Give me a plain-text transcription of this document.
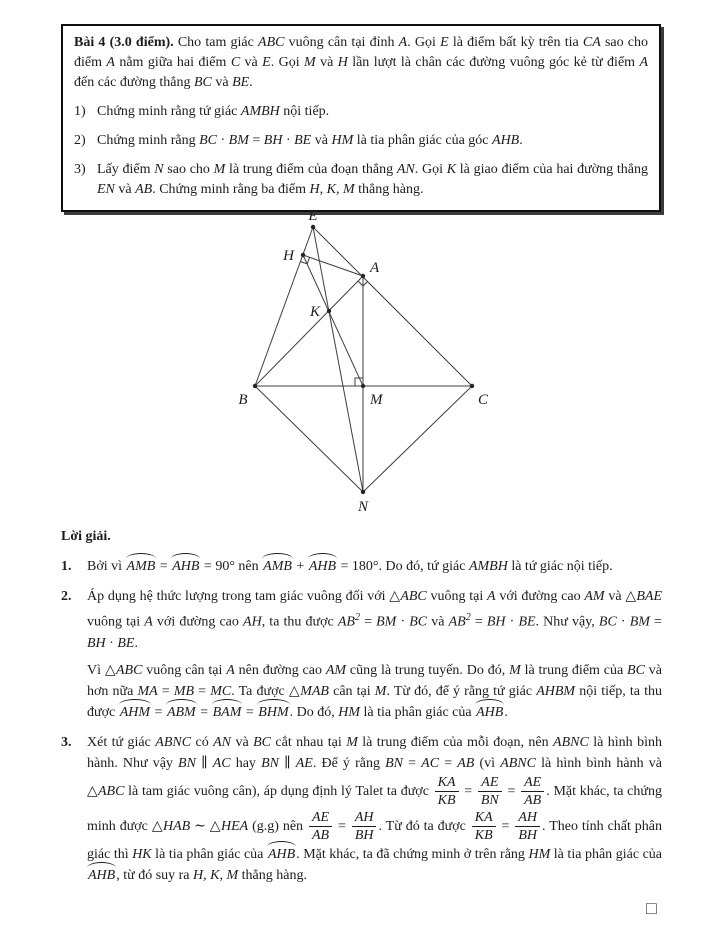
Bài 4 (3.0 điểm). Cho tam giác ABC vuông cân tại đỉnh A. Gọi E là điểm bất kỳ trên tia CA sao cho điểm A nằm giữa hai điểm C và E. Gọi M và H lần lượt là chân các đường vuông góc kẻ từ điểm A đến các đường thẳng BC và BE.

1) Chứng minh rằng tứ giác AMBH nội tiếp.
2) Chứng minh rằng BC · BM = BH · BE và HM là tia phân giác của góc AHB.
3) Lấy điểm N sao cho M là trung điểm của đoạn thẳng AN. Gọi K là giao điểm của hai đường thẳng EN và AB. Chứng minh rằng ba điểm H, K, M thẳng hàng.
E
H
A
K
B	M	C
N

Lời giải.

1.	Bởi vì AMB = AHB = 90° nên AMB + AHB = 180°. Do đó, tứ giác AMBH là tứ giác nội tiếp.

2.	Áp dụng hệ thức lượng trong tam giác vuông đối với △ABC vuông tại A với đường cao AM và △BAE vuông tại A với đường cao AH, ta thu được $AB^2$ = BM · BC và $AB^2$ = BH · BE. Như vậy, BC · BM = BH · BE.

Vì △ABC vuông cân tại A nên đường cao AM cũng là trung tuyến. Do đó, M là trung điểm của BC và hơn nữa MA = MB = MC. Ta được △MAB cân tại M. Từ đó, để ý rằng tứ giác AHBM nội tiếp, ta thu được AHM = ABM = BAM = BHM. Do đó, HM là tia phân giác của AHB.

3.	Xét tứ giác ABNC có AN và BC cắt nhau tại M là trung điểm của mỗi đoạn, nên ABNC là hình bình hành. Như vậy BN ∥ AC hay BN ∥ AE. Để ý rằng BN = AC = AB (vì ABNC là hình bình hành và △ABC là tam giác vuông cân), áp dụng định lý Talet ta được $\frac{KA}{KB} = \frac{AE}{BN} = \frac{AE}{AB}$ . Mặt khác, ta chứng minh được △HAB ∼ △HEA (g.g) nên $\frac{AE}{AB} = \frac{AH}{BH}$ . Từ đó ta được $\frac{KA}{KB} = \frac{AH}{BH}$ . Theo tính chất phân giác thì HK là tia phân giác của AHB. Mặt khác, ta đã chứng minh ở trên rằng HM là tia phân giác của AHB, từ đó suy ra H, K, M thẳng hàng.

□
